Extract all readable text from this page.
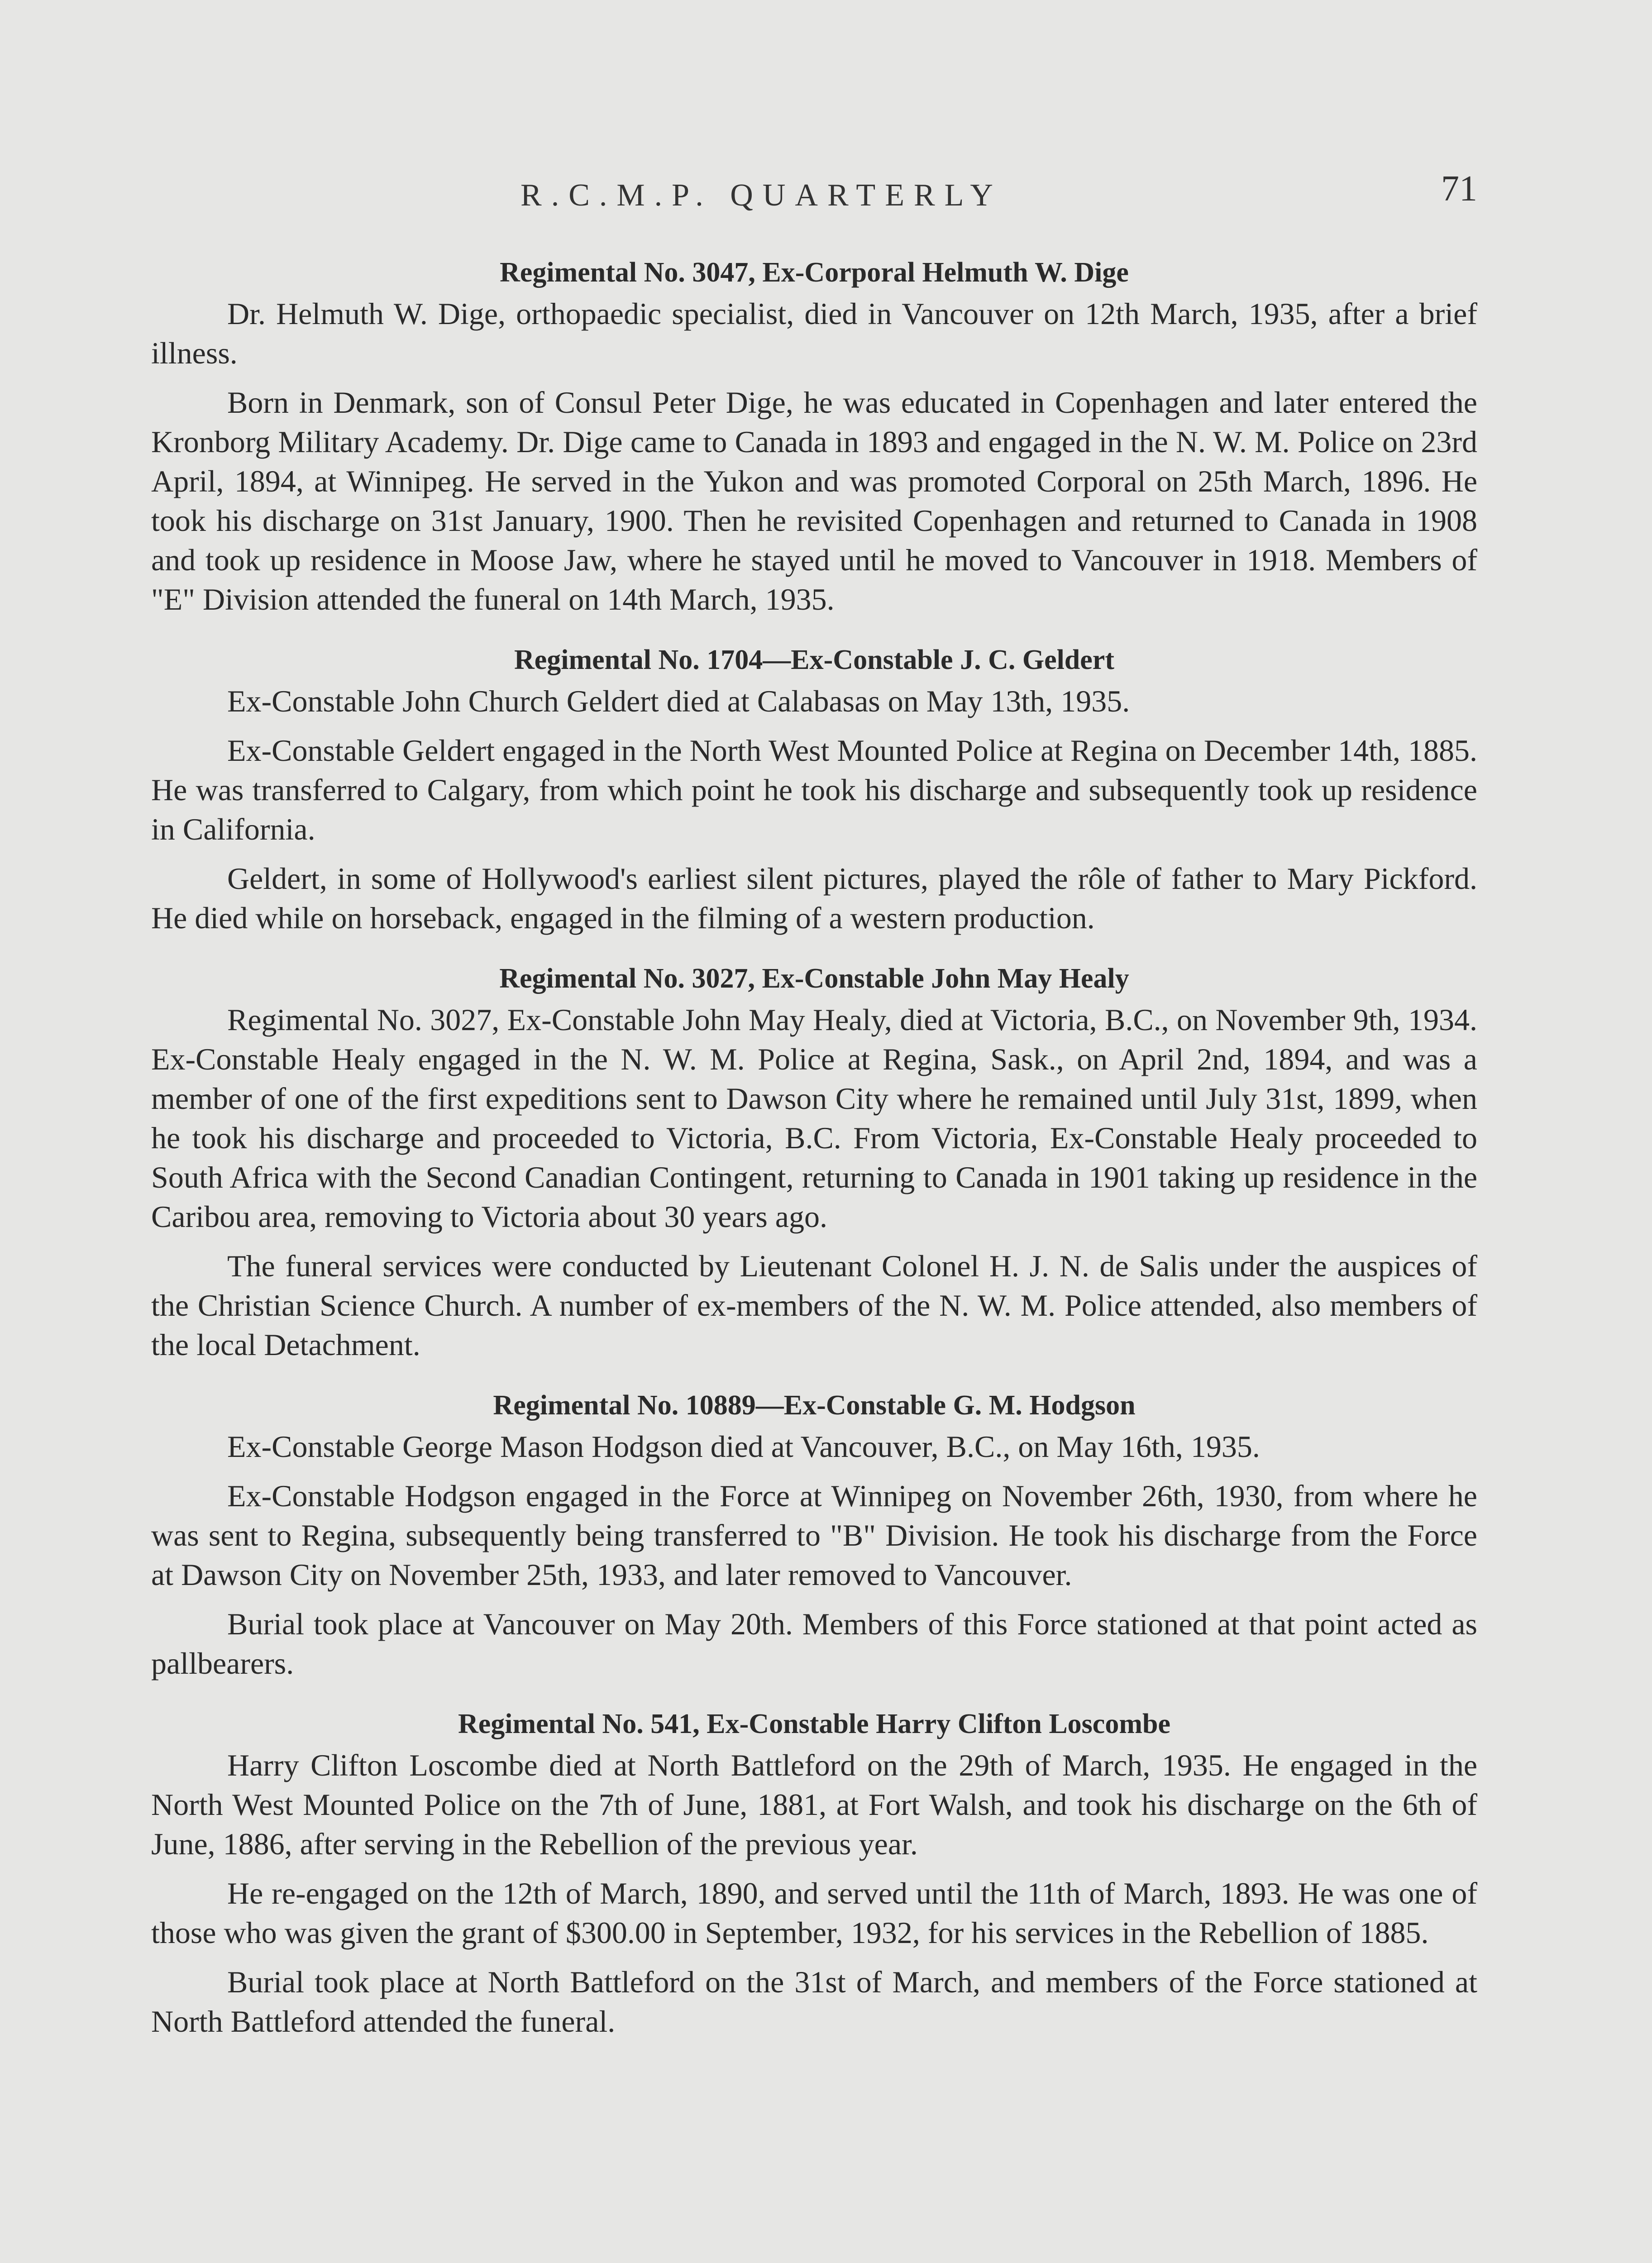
R.C.M.P. QUARTERLY	71
Regimental No. 3047, Ex-Corporal Helmuth W. Dige

Dr. Helmuth W. Dige, orthopaedic specialist, died in Vancouver on 12th March, 1935, after a brief illness.

Born in Denmark, son of Consul Peter Dige, he was educated in Copenhagen and later entered the Kronborg Military Academy. Dr. Dige came to Canada in 1893 and engaged in the N. W. M. Police on 23rd April, 1894, at Winnipeg. He served in the Yukon and was promoted Corporal on 25th March, 1896. He took his discharge on 31st January, 1900. Then he revisited Copenhagen and returned to Canada in 1908 and took up residence in Moose Jaw, where he stayed until he moved to Vancouver in 1918. Members of "E" Division attended the funeral on 14th March, 1935.

Regimental No. 1704—Ex-Constable J. C. Geldert

Ex-Constable John Church Geldert died at Calabasas on May 13th, 1935.

Ex-Constable Geldert engaged in the North West Mounted Police at Regina on December 14th, 1885. He was transferred to Calgary, from which point he took his discharge and subsequently took up residence in California.

Geldert, in some of Hollywood's earliest silent pictures, played the rôle of father to Mary Pickford. He died while on horseback, engaged in the filming of a western production.

Regimental No. 3027, Ex-Constable John May Healy

Regimental No. 3027, Ex-Constable John May Healy, died at Victoria, B.C., on November 9th, 1934. Ex-Constable Healy engaged in the N. W. M. Police at Regina, Sask., on April 2nd, 1894, and was a member of one of the first expeditions sent to Dawson City where he remained until July 31st, 1899, when he took his discharge and proceeded to Victoria, B.C. From Victoria, Ex-Constable Healy proceeded to South Africa with the Second Canadian Contingent, returning to Canada in 1901 taking up residence in the Caribou area, removing to Victoria about 30 years ago.

The funeral services were conducted by Lieutenant Colonel H. J. N. de Salis under the auspices of the Christian Science Church. A number of ex-members of the N. W. M. Police attended, also members of the local Detachment.

Regimental No. 10889—Ex-Constable G. M. Hodgson

Ex-Constable George Mason Hodgson died at Vancouver, B.C., on May 16th, 1935.

Ex-Constable Hodgson engaged in the Force at Winnipeg on November 26th, 1930, from where he was sent to Regina, subsequently being transferred to "B" Division. He took his discharge from the Force at Dawson City on November 25th, 1933, and later removed to Vancouver.

Burial took place at Vancouver on May 20th. Members of this Force stationed at that point acted as pallbearers.

Regimental No. 541, Ex-Constable Harry Clifton Loscombe

Harry Clifton Loscombe died at North Battleford on the 29th of March, 1935. He engaged in the North West Mounted Police on the 7th of June, 1881, at Fort Walsh, and took his discharge on the 6th of June, 1886, after serving in the Rebellion of the previous year.

He re-engaged on the 12th of March, 1890, and served until the 11th of March, 1893. He was one of those who was given the grant of $300.00 in September, 1932, for his services in the Rebellion of 1885.

Burial took place at North Battleford on the 31st of March, and members of the Force stationed at North Battleford attended the funeral.
